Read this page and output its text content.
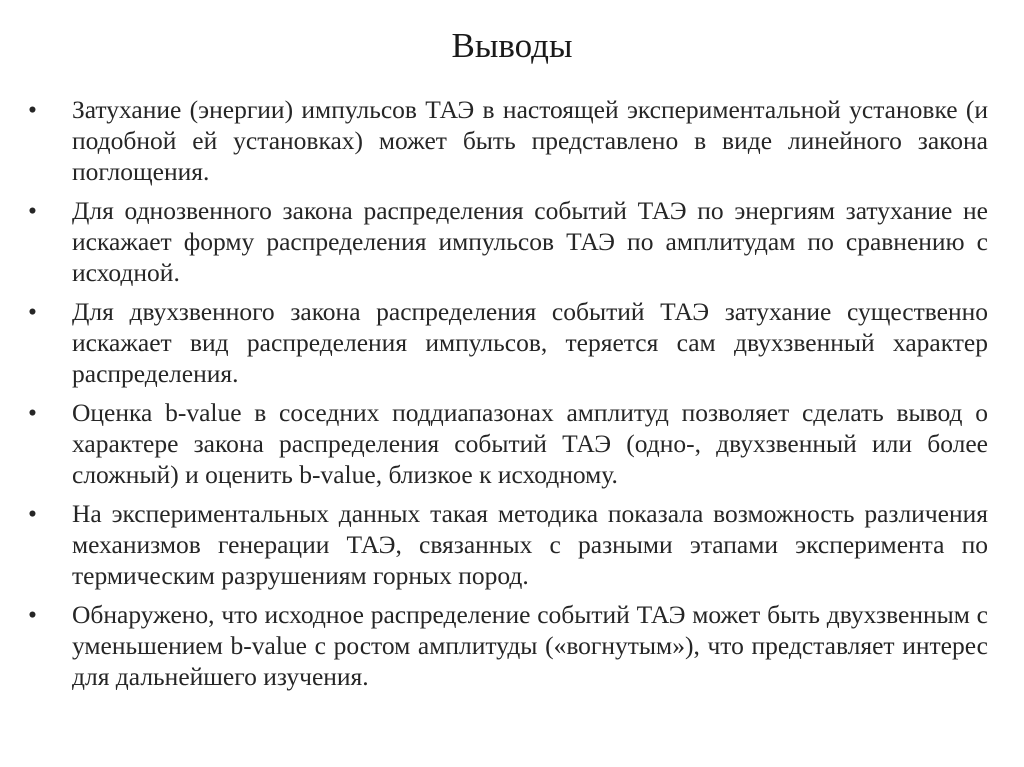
Выводы
•	Затухание (энергии) импульсов ТАЭ в настоящей экспериментальной установке (и подобной ей установках) может быть представлено в виде линейного закона поглощения.
•	Для однозвенного закона распределения событий ТАЭ по энергиям затухание не искажает форму распределения импульсов ТАЭ по амплитудам по сравнению с исходной.
•	Для двухзвенного закона распределения событий ТАЭ затухание существенно искажает вид распределения импульсов, теряется сам двухзвенный характер распределения.
•	Оценка b-value в соседних поддиапазонах амплитуд позволяет сделать вывод о характере закона распределения событий ТАЭ (одно-, двухзвенный или более сложный) и оценить b-value, близкое к исходному.
•	На экспериментальных данных такая методика показала возможность различения механизмов генерации ТАЭ, связанных с разными этапами эксперимента по термическим разрушениям горных пород.
•	Обнаружено, что исходное распределение событий ТАЭ может быть двухзвенным с уменьшением b-value с ростом амплитуды («вогнутым»), что представляет интерес для дальнейшего изучения.
